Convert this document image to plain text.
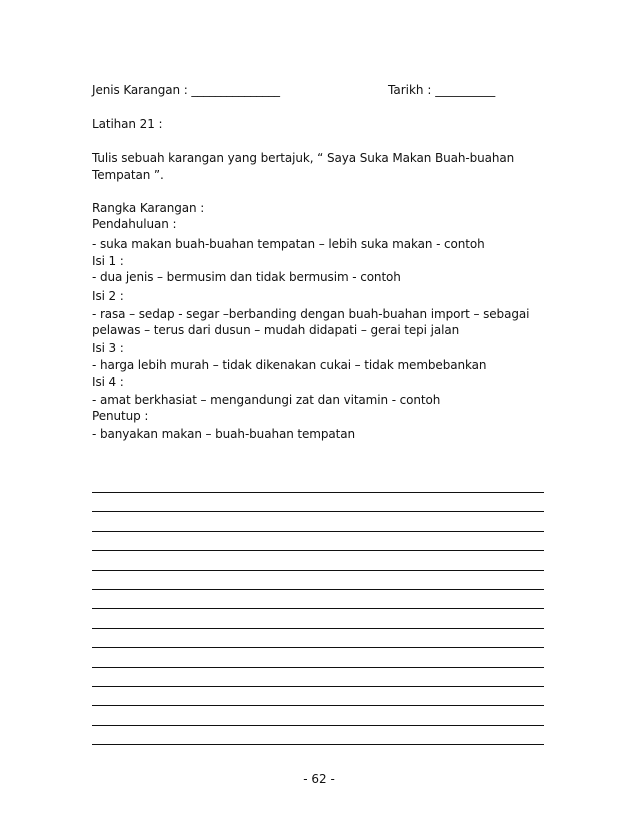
Jenis Karangan : _______________	Tarikh : __________
Latihan 21 :
Tulis sebuah karangan yang bertajuk, “ Saya Suka Makan Buah-buahan
Tempatan ”.
Rangka Karangan :
Pendahuluan :
- suka makan buah-buahan tempatan – lebih suka makan - contoh
Isi 1 :
- dua jenis – bermusim dan tidak bermusim - contoh
Isi 2 :
- rasa – sedap - segar –berbanding dengan buah-buahan import – sebagai
pelawas – terus dari dusun – mudah didapati – gerai tepi jalan
Isi 3 :
- harga lebih murah – tidak dikenakan cukai – tidak membebankan
Isi 4 :
- amat berkhasiat – mengandungi zat dan vitamin - contoh
Penutup :
- banyakan makan – buah-buahan tempatan
- 62 -
